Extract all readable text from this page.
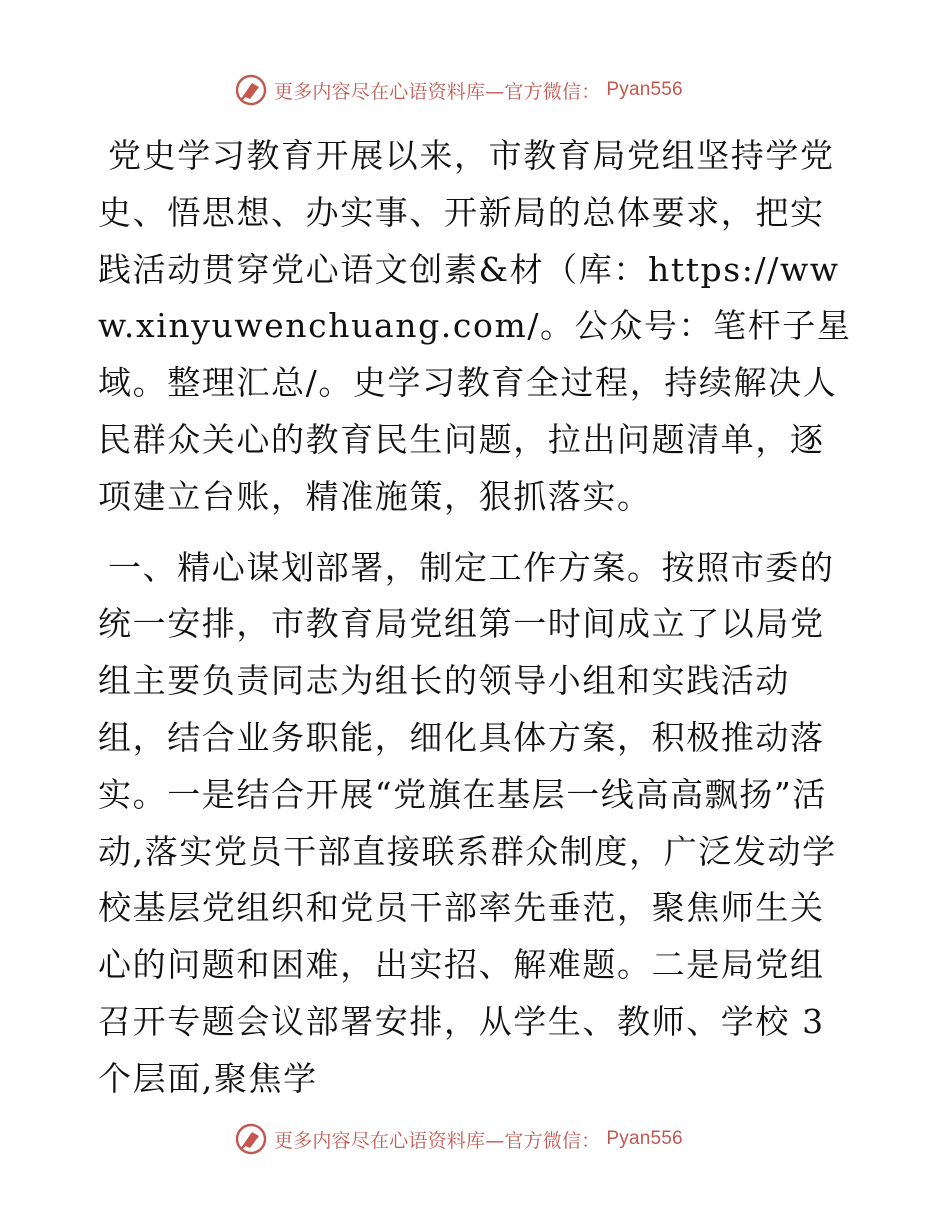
更多内容尽在心语资料库—官方微信： Pyan556

党史学习教育开展以来，市教育局党组坚持学党史、悟思想、办实事、开新局的总体要求，把实践活动贯穿党心语文创素&材（库：https://www.xinyuwenchuang.com/。公众号：笔杆子星域。整理汇总/。史学习教育全过程，持续解决人民群众关心的教育民生问题，拉出问题清单，逐项建立台账，精准施策，狠抓落实。

一、精心谋划部署，制定工作方案。按照市委的统一安排，市教育局党组第一时间成立了以局党组主要负责同志为组长的领导小组和实践活动组，结合业务职能，细化具体方案，积极推动落实。一是结合开展“党旗在基层一线高高飘扬”活动,落实党员干部直接联系群众制度，广泛发动学校基层党组织和党员干部率先垂范，聚焦师生关心的问题和困难，出实招、解难题。二是局党组召开专题会议部署安排，从学生、教师、学校 3 个层面,聚焦学

更多内容尽在心语资料库—官方微信： Pyan556
